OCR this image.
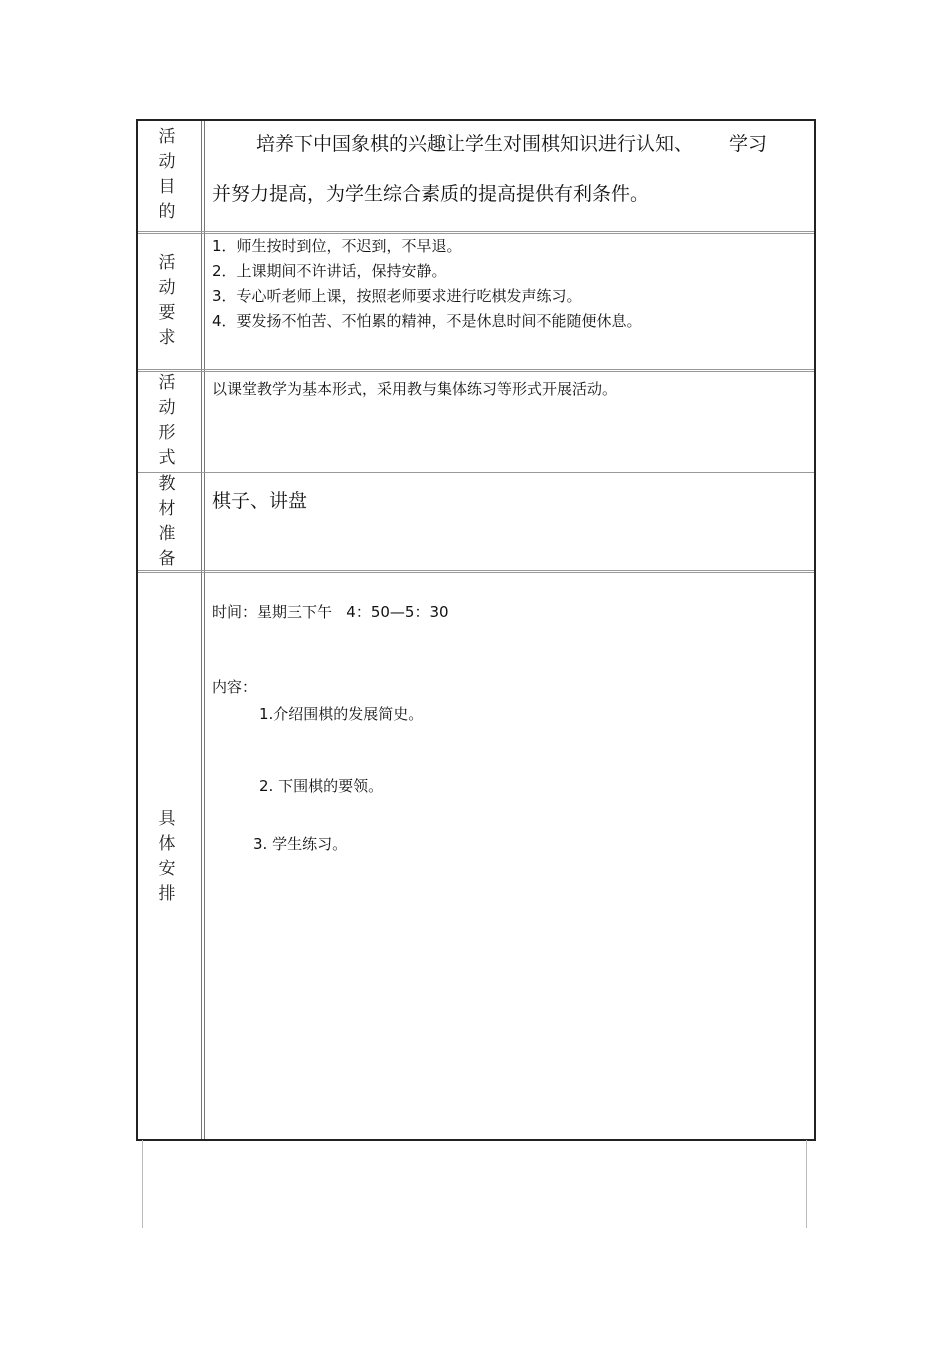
活
动
目
的
培养下中国象棋的兴趣让学生对围棋知识进行认知、 学习
并努力提高，为学生综合素质的提高提供有利条件。
活
动
要
求
1．师生按时到位，不迟到，不早退。
2．上课期间不许讲话，保持安静。
3．专心听老师上课，按照老师要求进行吃棋发声练习。
4．要发扬不怕苦、不怕累的精神，不是休息时间不能随便休息。
活
动
形
式
以课堂教学为基本形式，采用教与集体练习等形式开展活动。
教
材
准
备
棋子、讲盘
具
体
安
排
时间：星期三下午   4：50—5：30
内容：
1.介绍围棋的发展简史。
2. 下围棋的要领。
3. 学生练习。
